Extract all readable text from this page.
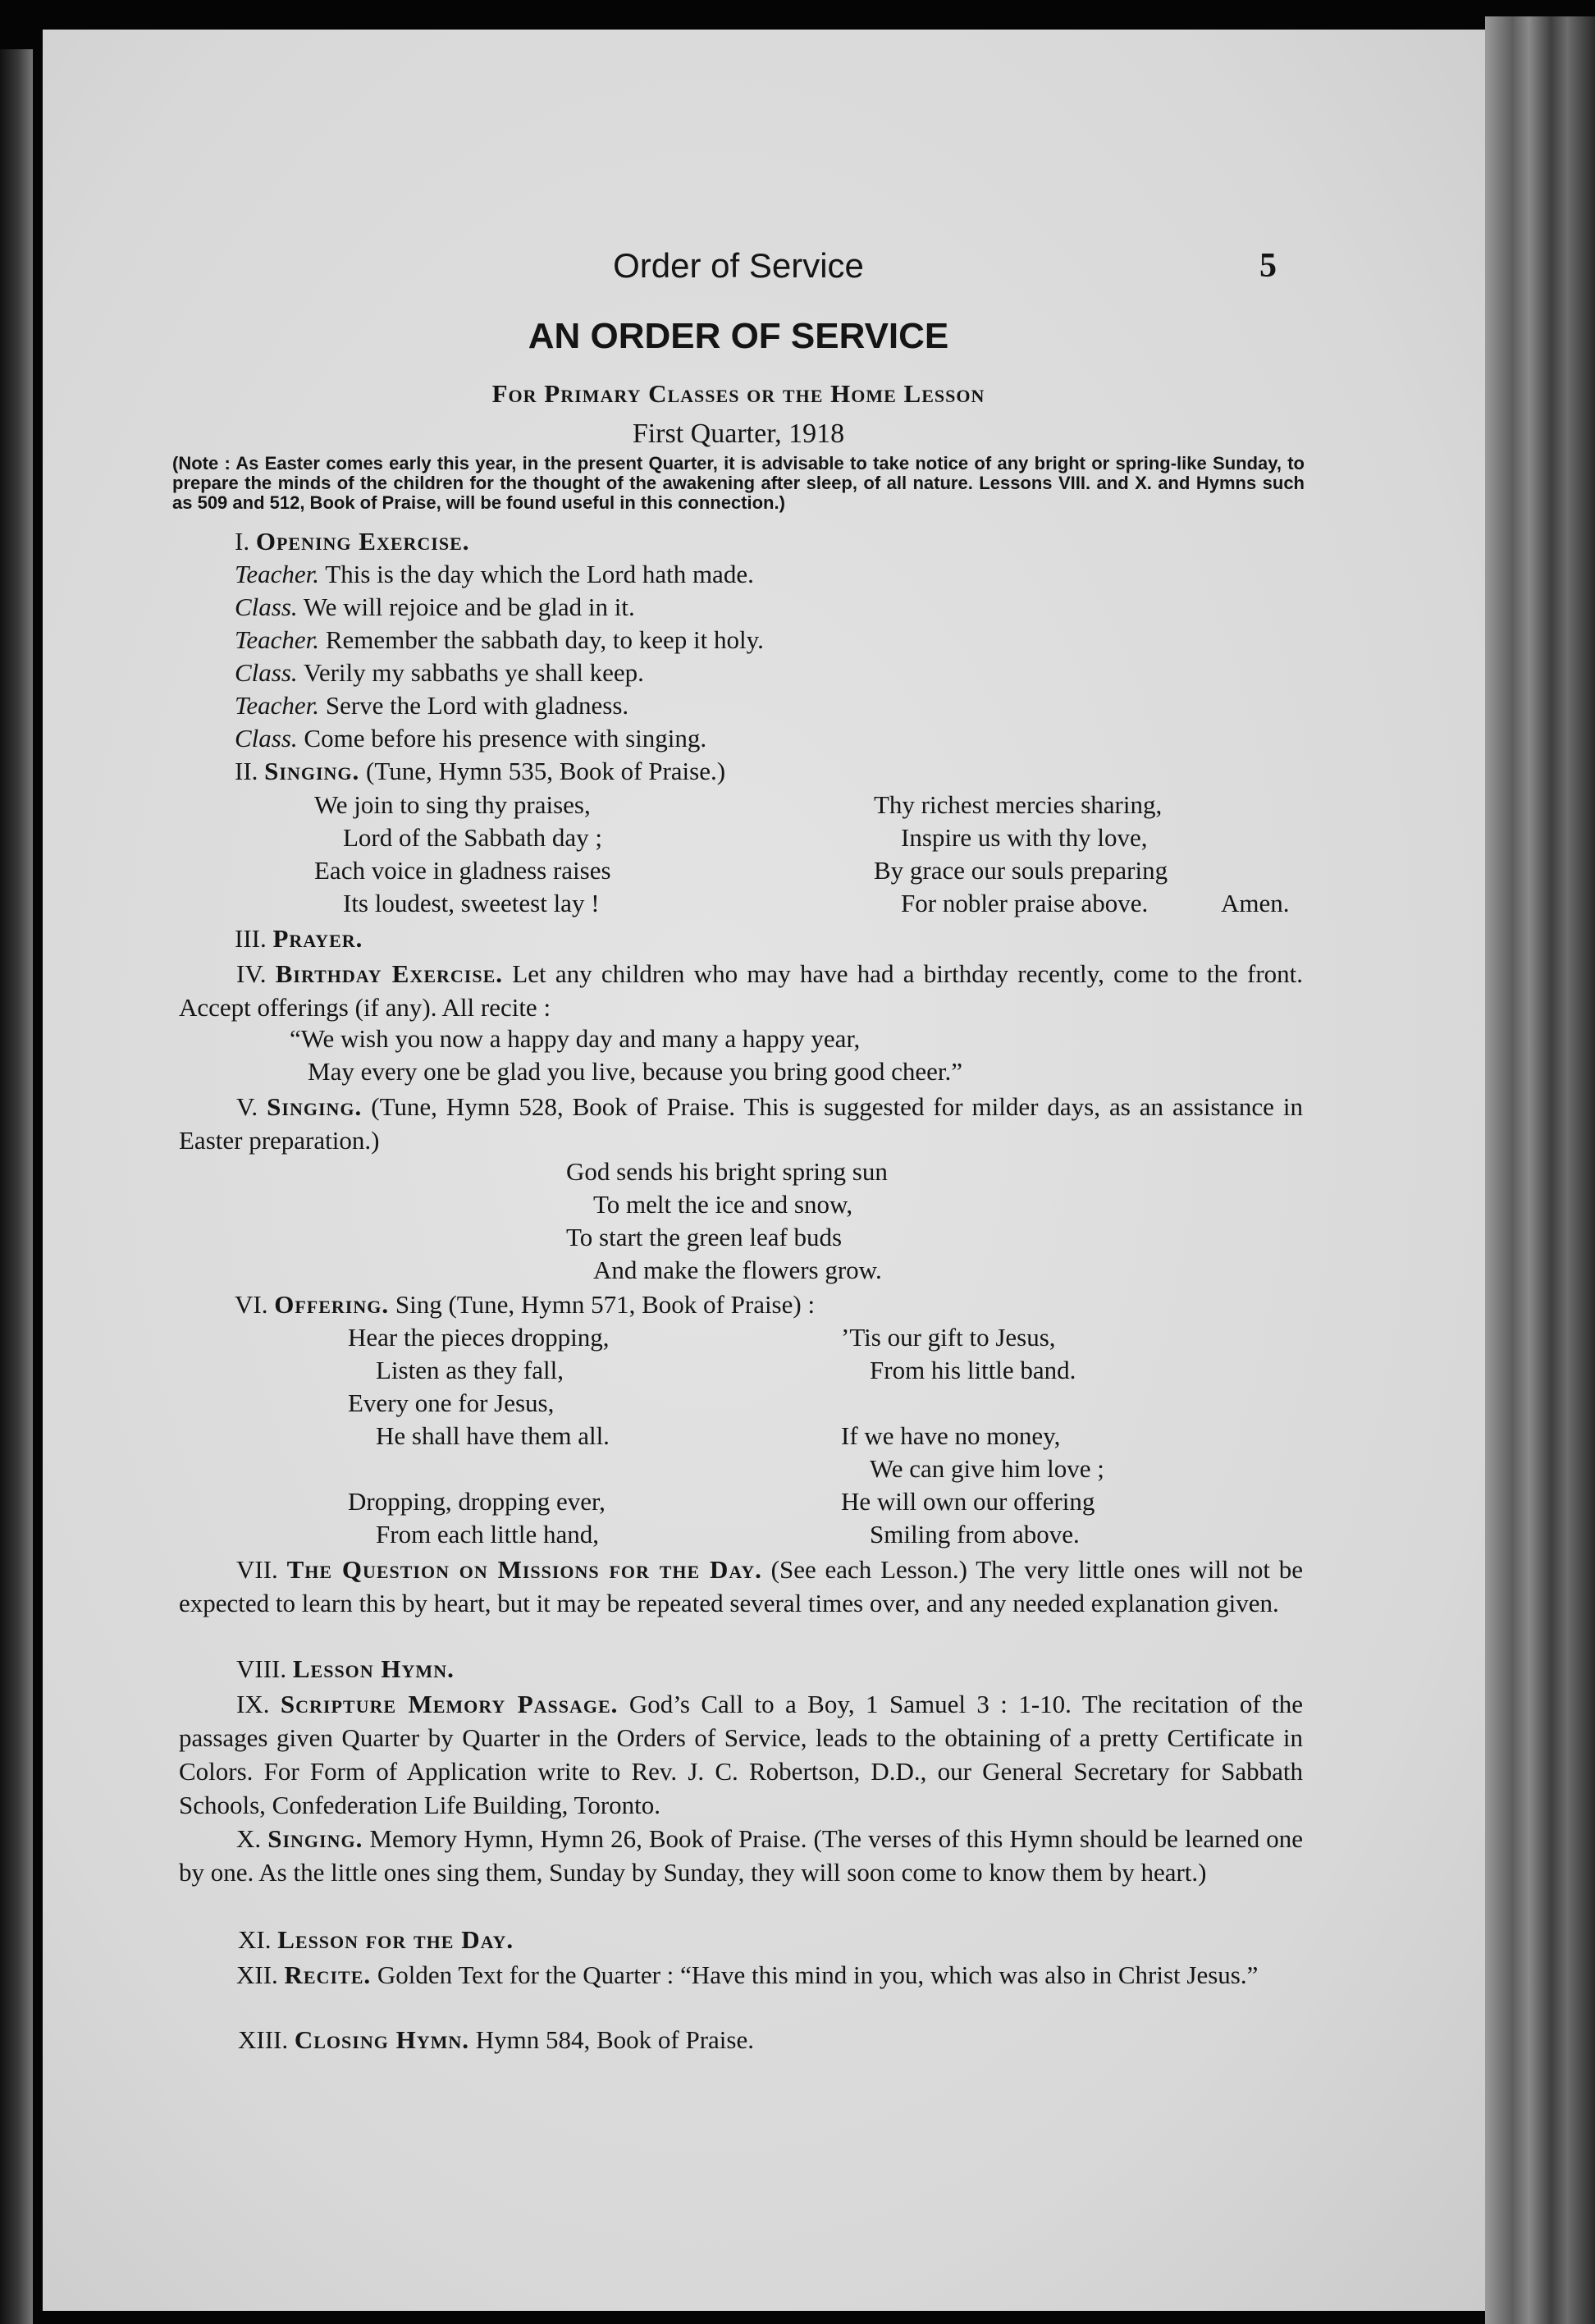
Order of Service	5
AN ORDER OF SERVICE
For Primary Classes or the Home Lesson
First Quarter, 1918
(Note : As Easter comes early this year, in the present Quarter, it is advisable to take notice of any bright or spring-like Sunday, to prepare the minds of the children for the thought of the awakening after sleep, of all nature. Lessons VIII. and X. and Hymns such as 509 and 512, Book of Praise, will be found useful in this connection.)
I. Opening Exercise.
Teacher. This is the day which the Lord hath made.
Class. We will rejoice and be glad in it.
Teacher. Remember the sabbath day, to keep it holy.
Class. Verily my sabbaths ye shall keep.
Teacher. Serve the Lord with gladness.
Class. Come before his presence with singing.
II. Singing. (Tune, Hymn 535, Book of Praise.)
We join to sing thy praises,
Lord of the Sabbath day ;
Each voice in gladness raises
Its loudest, sweetest lay !
Thy richest mercies sharing,
Inspire us with thy love,
By grace our souls preparing
For nobler praise above.	Amen.
III. Prayer.
IV. Birthday Exercise. Let any children who may have had a birthday recently, come to the front. Accept offerings (if any). All recite :
“We wish you now a happy day and many a happy year,
May every one be glad you live, because you bring good cheer.”
V. Singing. (Tune, Hymn 528, Book of Praise. This is suggested for milder days, as an assistance in Easter preparation.)
God sends his bright spring sun
To melt the ice and snow,
To start the green leaf buds
And make the flowers grow.
VI. Offering. Sing (Tune, Hymn 571, Book of Praise) :
Hear the pieces dropping,
Listen as they fall,
Every one for Jesus,
He shall have them all.
Dropping, dropping ever,
From each little hand,
’Tis our gift to Jesus,
From his little band.
If we have no money,
We can give him love ;
He will own our offering
Smiling from above.
VII. The Question on Missions for the Day. (See each Lesson.) The very little ones will not be expected to learn this by heart, but it may be repeated several times over, and any needed explanation given.
VIII. Lesson Hymn.
IX. Scripture Memory Passage. God’s Call to a Boy, 1 Samuel 3 : 1-10. The recitation of the passages given Quarter by Quarter in the Orders of Service, leads to the obtaining of a pretty Certificate in Colors. For Form of Application write to Rev. J. C. Robertson, D.D., our General Secretary for Sabbath Schools, Confederation Life Building, Toronto.
X. Singing. Memory Hymn, Hymn 26, Book of Praise. (The verses of this Hymn should be learned one by one. As the little ones sing them, Sunday by Sunday, they will soon come to know them by heart.)
XI. Lesson for the Day.
XII. Recite. Golden Text for the Quarter : “Have this mind in you, which was also in Christ Jesus.”
XIII. Closing Hymn. Hymn 584, Book of Praise.
